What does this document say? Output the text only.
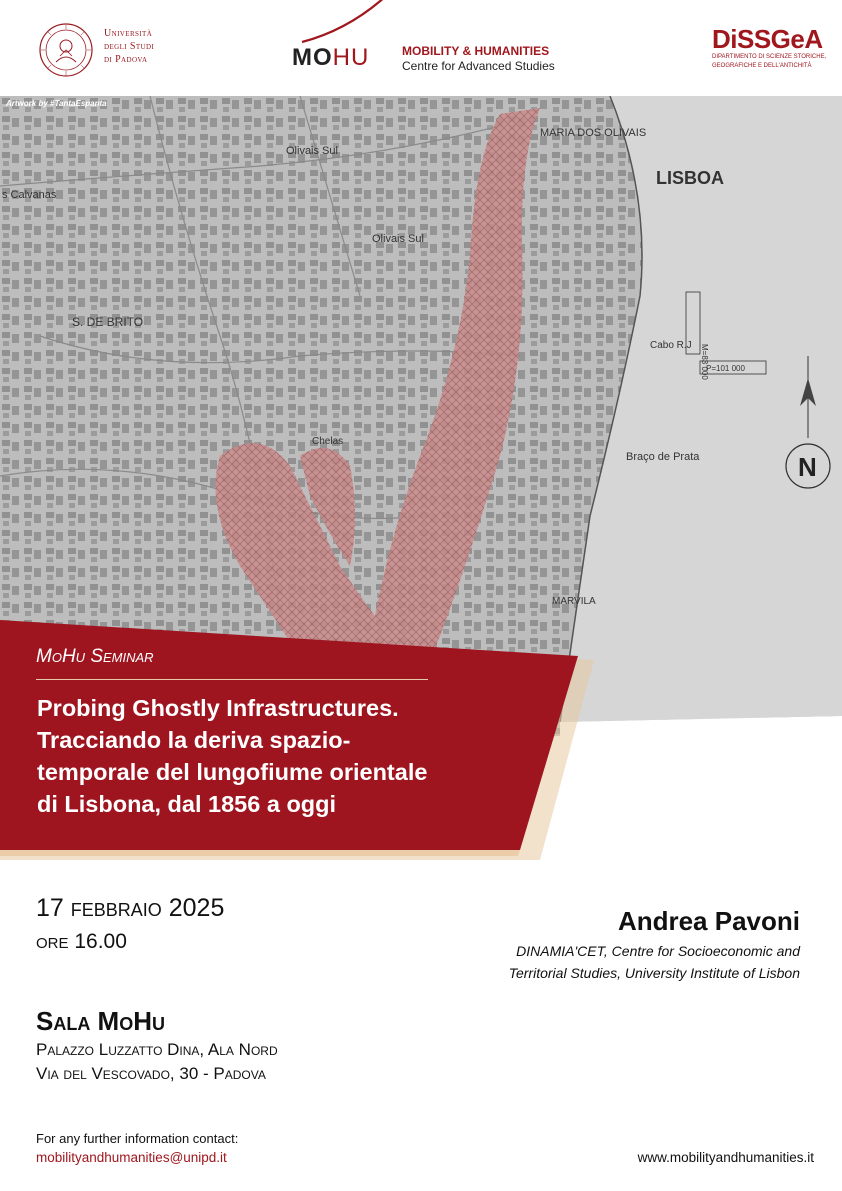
Università
degli Studi
di Padova	MOHU	MOBILITY & HUMANITIES
Centre for Advanced Studies
DiSSGeA
DIPARTIMENTO DI SCIENZE STORICHE,
GEOGRAFICHE E DELL'ANTICHITÀ
LISBOA
Olivais Sul
Olivais Sul
MARIA DOS OLIVAIS
s Calvanas
S. DE BRITO
Chelas
Braço de Prata
Cabo R.J
MARVILA
M=83 000
P=101 000
N
Artwork by #TantaEspanta
MoHu Seminar
Probing Ghostly Infrastructures.
Tracciando la deriva spazio-
temporale del lungofiume orientale
di Lisbona, dal 1856 a oggi
17 febbraio 2025
ore 16.00
Andrea Pavoni
DINAMIA'CET, Centre for Socioeconomic and
Territorial Studies, University Institute of Lisbon
Sala MoHu
Palazzo Luzzatto Dina, Ala Nord
Via del Vescovado, 30 - Padova
For any further information contact:
mobilityandhumanities@unipd.it	www.mobilityandhumanities.it
